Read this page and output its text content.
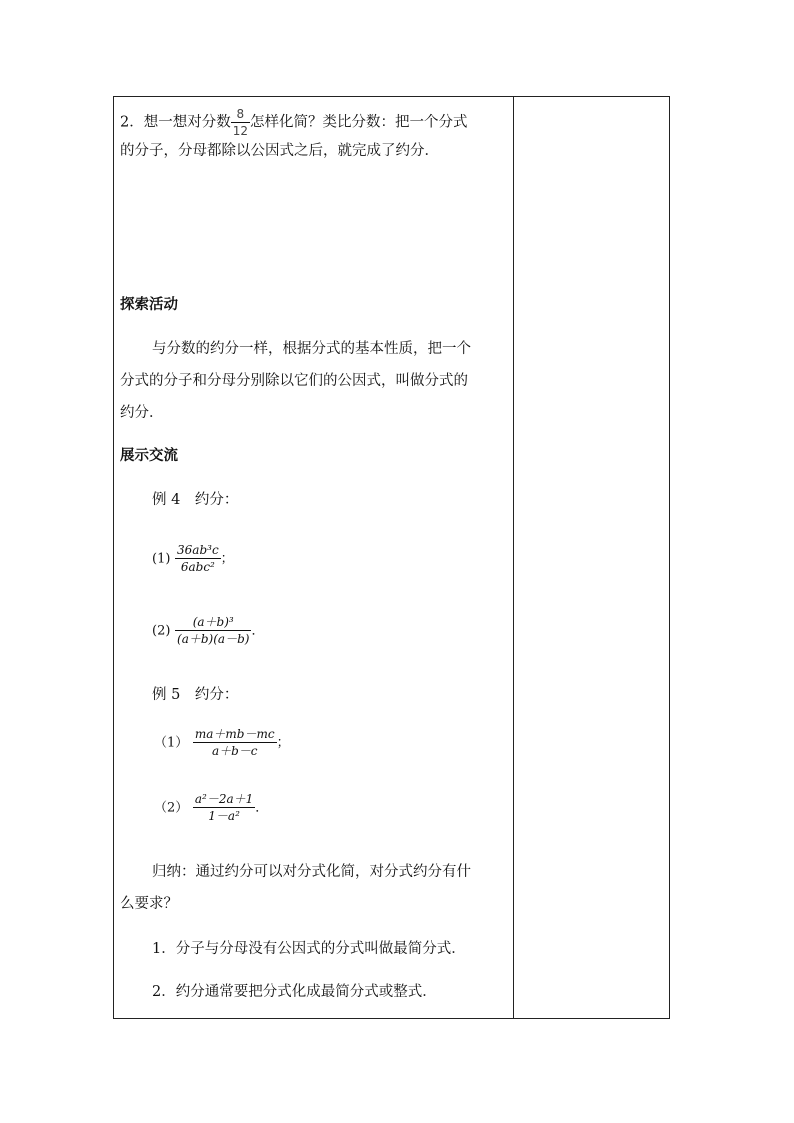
2．想一想对分数 $\frac{8}{12}$ 怎样化简？类比分数：把一个分式
的分子，分母都除以公因式之后，就完成了约分．
探索活动
与分数的约分一样，根据分式的基本性质，把一个
分式的分子和分母分别除以它们的公因式，叫做分式的
约分．
展示交流
例 4　约分：
$(1) \frac{\text{36ab³c}}{\text{6abc²}}$ ；
$(2) \frac{\text{(a＋b)³}}{(a+b)(a-b)}$ ．
例 5　约分：
$(1) \frac{ma+mb-mc}{a+b-c}$ ；
$(2) \frac{\text{a²－2a＋1}}{\text{1－a²}}$ ．
归纳：通过约分可以对分式化简，对分式约分有什
么要求？
1．分子与分母没有公因式的分式叫做最简分式．
2．约分通常要把分式化成最简分式或整式．
